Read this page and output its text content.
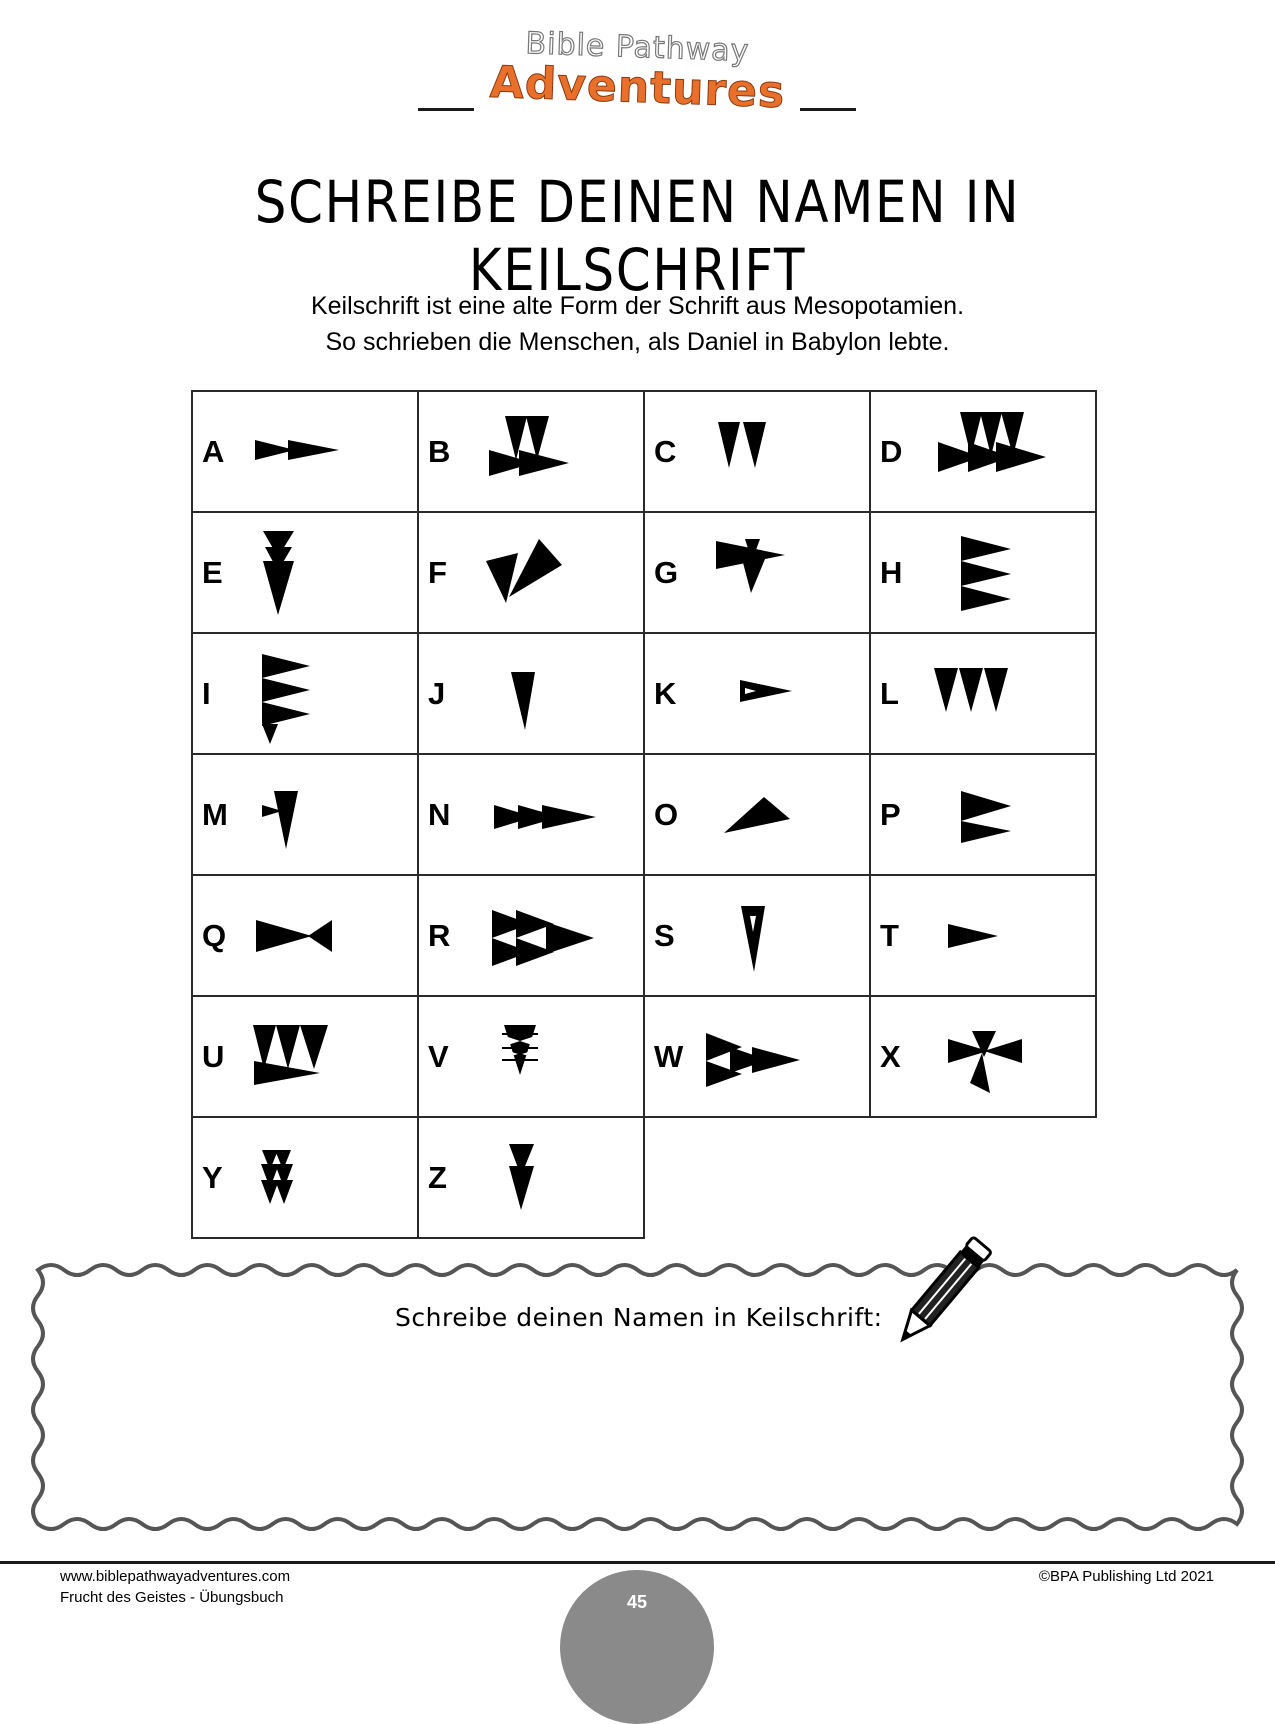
Bible Pathway
Adventures
SCHREIBE DEINEN NAMEN IN KEILSCHRIFT
Keilschrift ist eine alte Form der Schrift aus Mesopotamien.
So schrieben die Menschen, als Daniel in Babylon lebte.
A	B	C	D

E	F	G	H

I	J	K	L

M	N	O	P

Q	R	S	T

U	V	W	X

Y	Z		

Schreibe deinen Namen in Keilschrift:
www.biblepathwayadventures.com
Frucht des Geistes - Übungsbuch
©BPA Publishing Ltd 2021
45
